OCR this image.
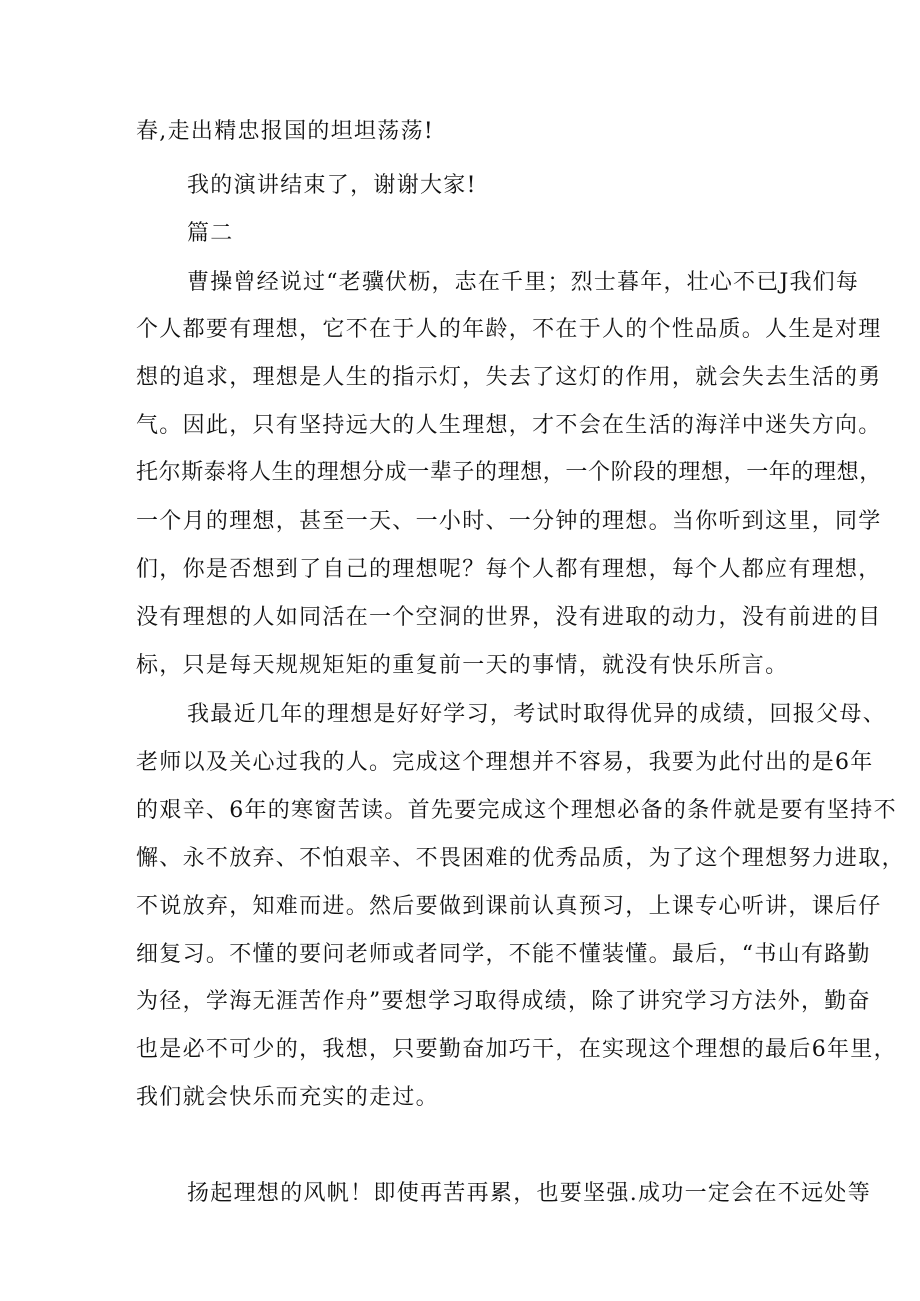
春,走出精忠报国的坦坦荡荡!
我的演讲结束了，谢谢大家!
篇二
曹操曾经说过“老骥伏枥，志在千里；烈士暮年，壮心不已J我们每
个人都要有理想，它不在于人的年龄，不在于人的个性品质。人生是对理
想的追求，理想是人生的指示灯，失去了这灯的作用，就会失去生活的勇
气。因此，只有坚持远大的人生理想，才不会在生活的海洋中迷失方向。
托尔斯泰将人生的理想分成一辈子的理想，一个阶段的理想，一年的理想，
一个月的理想，甚至一天、一小时、一分钟的理想。当你听到这里，同学
们，你是否想到了自己的理想呢？每个人都有理想，每个人都应有理想，
没有理想的人如同活在一个空洞的世界，没有进取的动力，没有前进的目
标，只是每天规规矩矩的重复前一天的事情，就没有快乐所言。
我最近几年的理想是好好学习，考试时取得优异的成绩，回报父母、
老师以及关心过我的人。完成这个理想并不容易，我要为此付出的是6年
的艰辛、6年的寒窗苦读。首先要完成这个理想必备的条件就是要有坚持不
懈、永不放弃、不怕艰辛、不畏困难的优秀品质，为了这个理想努力进取，
不说放弃，知难而进。然后要做到课前认真预习，上课专心听讲，课后仔
细复习。不懂的要问老师或者同学，不能不懂装懂。最后，“书山有路勤
为径，学海无涯苦作舟”要想学习取得成绩，除了讲究学习方法外，勤奋
也是必不可少的，我想，只要勤奋加巧干，在实现这个理想的最后6年里，
我们就会快乐而充实的走过。
扬起理想的风帆！即使再苦再累，也要坚强.成功一定会在不远处等
